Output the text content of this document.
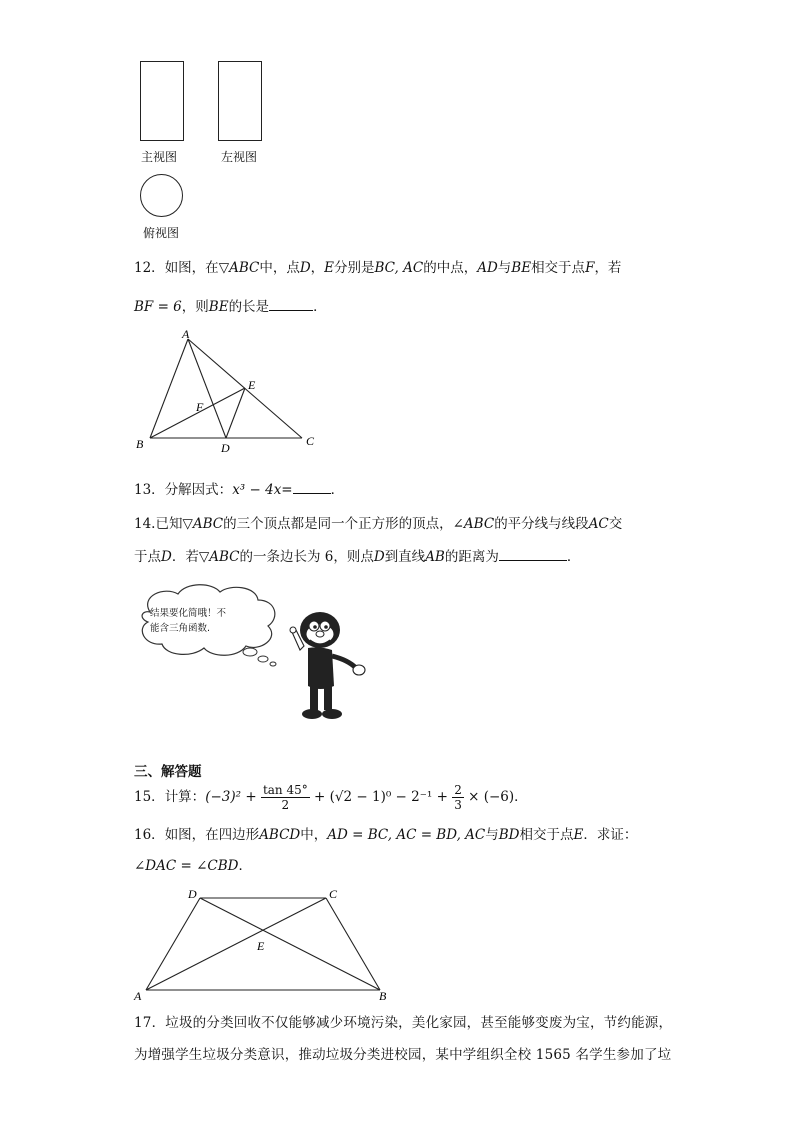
主视图	左视图
俯视图
12．如图，在▽ABC中，点D，E分别是BC, AC的中点，AD与BE相交于点F，若
BF = 6，则BE的长是	．
A
B	C
D
E
F
13．分解因式：x³ − 4x=	．
14.已知▽ABC的三个顶点都是同一个正方形的顶点，∠ABC的平分线与线段AC交
于点D．若▽ABC的一条边长为 6，则点D到直线AB的距离为	．
结果要化简哦！不
能含三角函数.
三、解答题
15．计算：$(-3)^2 + \frac{\tan 45^\circ}{2} + (√2 - 1)^0 - 2^{-1} + \frac{2}{3} \times (-6)$．
16．如图，在四边形ABCD中，AD = BC, AC = BD, AC与BD相交于点E．求证：
∠DAC = ∠CBD．
D	C
A	B
E
17．垃圾的分类回收不仅能够减少环境污染，美化家园，甚至能够变废为宝，节约能源，
为增强学生垃圾分类意识，推动垃圾分类进校园，某中学组织全校 1565 名学生参加了垃
